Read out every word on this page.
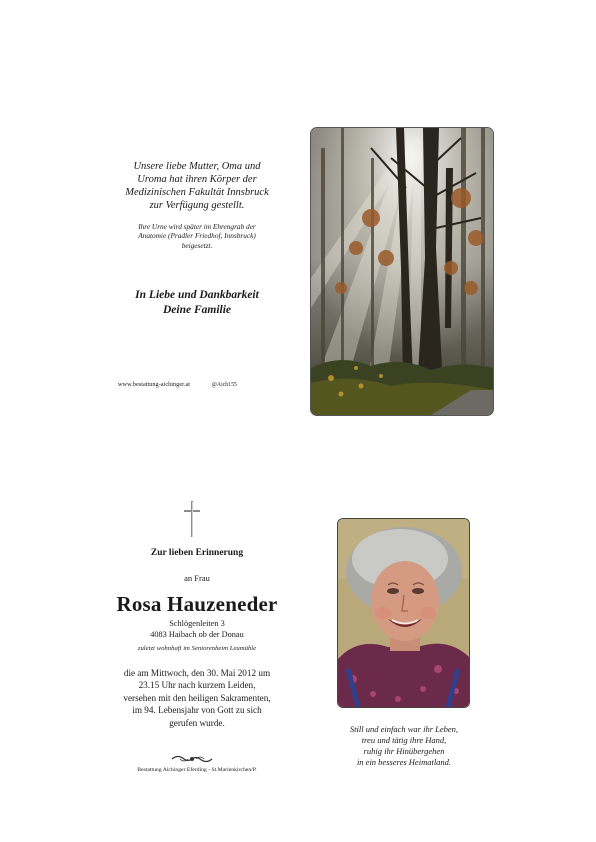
Unsere liebe Mutter, Oma und
Uroma hat ihren Körper der
Medizinischen Fakultät Innsbruck
zur Verfügung gestellt.

Ihre Urne wird später im Ehrengrab der
Anatomie (Pradler Friedhof, Innsbruck)
beigesetzt.

In Liebe und Dankbarkeit
Deine Familie
www.bestattung-aichinger.at	@Aich155
Zur lieben Erinnerung
an Frau
Rosa Hauzeneder
Schlögenleiten 3
4083 Haibach ob der Donau
zuletzt wohnhaft im Seniorenheim Leumühle
die am Mittwoch, den 30. Mai 2012 um
23.15 Uhr nach kurzem Leiden,
versehen mit den heiligen Sakramenten,
im 94. Lebensjahr von Gott zu sich
gerufen wurde.
Bestattung Aichinger Eferding - St.Marienkirchen/P.
Still und einfach war ihr Leben,
treu und tätig ihre Hand,
ruhig ihr Hinübergehen
in ein besseres Heimatland.
